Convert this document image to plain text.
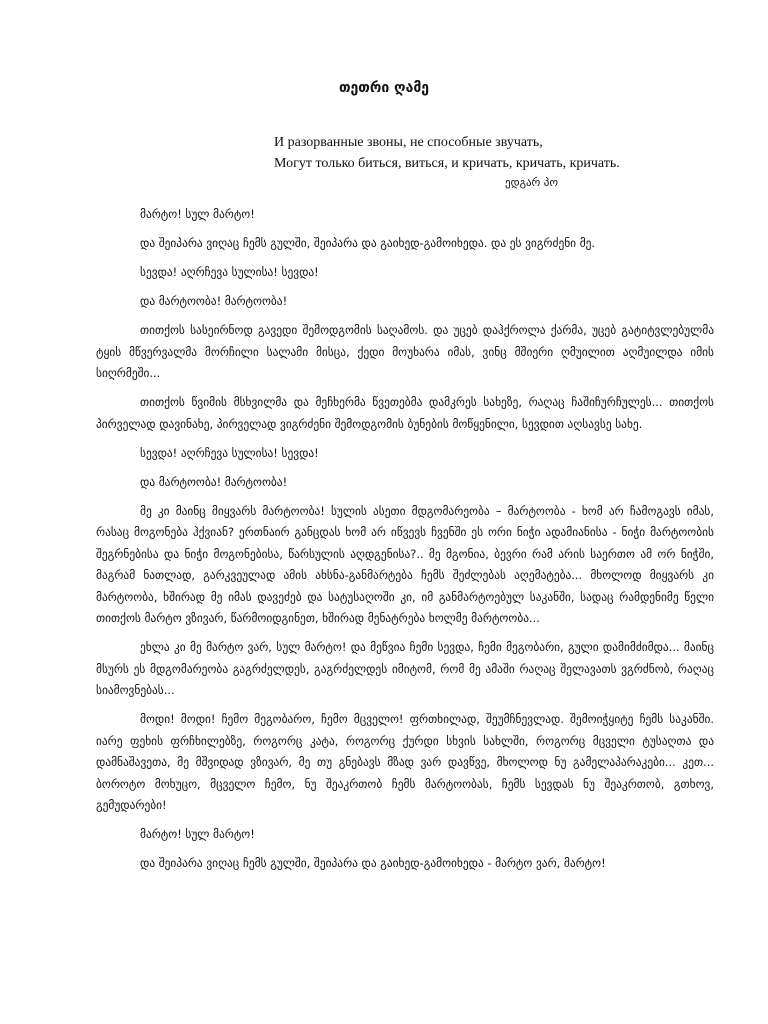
თეთრი ღამე
И разорванные звоны, не способные звучать,
Могут только биться, виться, и кричать, кричать, кричать.
ედგარ პო

მარტო! სულ მარტო!

და შეიპარა ვიღაც ჩემს გულში, შეიპარა და გაიხედ-გამოიხედა. და ეს ვიგრძენი მე.

სევდა! აღრჩევა სულისა! სევდა!

და მარტოობა! მარტოობა!

თითქოს სასეირნოდ გავედი შემოდგომის საღამოს. და უცებ დაჰქროლა ქარმა, უცებ გატიტვლებულმა ტყის მწვერვალმა მორჩილი სალამი მისცა, ქედი მოუხარა იმას, ვინც მშიერი ღმუილით აღმუილდა იმის სიღრმეში...

თითქოს წვიმის მსხვილმა და მეჩხერმა წვეთებმა დამკრეს სახეზე, რაღაც ჩაშიჩურჩულეს... თითქოს პირველად დავინახე, პირველად ვიგრძენი შემოდგომის ბუნების მოწყენილი, სევდით აღსავსე სახე.

სევდა! აღრჩევა სულისა! სევდა!

და მარტოობა! მარტოობა!

მე კი მაინც მიყვარს მარტოობა! სულის ასეთი მდგომარეობა – მარტოობა - ხომ არ ჩამოგავს იმას, რასაც მოგონება ჰქვიან? ერთნაირ განცდას ხომ არ იწვევს ჩვენში ეს ორი ნიჭი ადამიანისა - ნიჭი მარტოობის შეგრნებისა და ნიჭი მოგონებისა, წარსულის აღდგენისა?.. მე მგონია, ბევრი რამ არის საერთო ამ ორ ნიჭში, მაგრამ ნათლად, გარკვეულად ამის ახსნა-განმარტება ჩემს შეძლებას აღემატება... მხოლოდ მიყვარს კი მარტოობა, ხშირად მე იმას დავეძებ და სატუსაღოში კი, იმ განმარტოებულ საკანში, სადაც რამდენიმე წელი თითქოს მარტო ვზივარ, წარმოიდგინეთ, ხშირად მენატრება ხოლმე მარტოობა...

ეხლა კი მე მარტო ვარ, სულ მარტო! და მეწვია ჩემი სევდა, ჩემი მეგობარი, გული დამიმძიმდა... მაინც მსურს ეს მდგომარეობა გაგრძელდეს, გაგრძელდეს იმიტომ, რომ მე ამაში რაღაც შელავათს ვგრძნობ, რაღაც სიამოვნებას...

მოდი! მოდი! ჩემო მეგობარო, ჩემო მცველო! ფრთხილად, შეუმჩნევლად. შემოიჭყიტე ჩემს საკანში. იარე ფეხის ფრჩხილებზე, როგორც კატა, როგორც ქურდი სხვის სახლში, როგორც მცველი ტუსაღთა და დამნაშავეთა, მე მშვიდად ვზივარ, მე თუ გნებავს მზად ვარ დავწვე, მხოლოდ ნუ გამელაპარაკები... კეთ... ბოროტო მოხუცო, მცველო ჩემო, ნუ შეაკრთობ ჩემს მარტოობას, ჩემს სევდას ნუ შეაკრთობ, გთხოვ, გემუდარები!

მარტო! სულ მარტო!

და შეიპარა ვიღაც ჩემს გულში, შეიპარა და გაიხედ-გამოიხედა - მარტო ვარ, მარტო!
